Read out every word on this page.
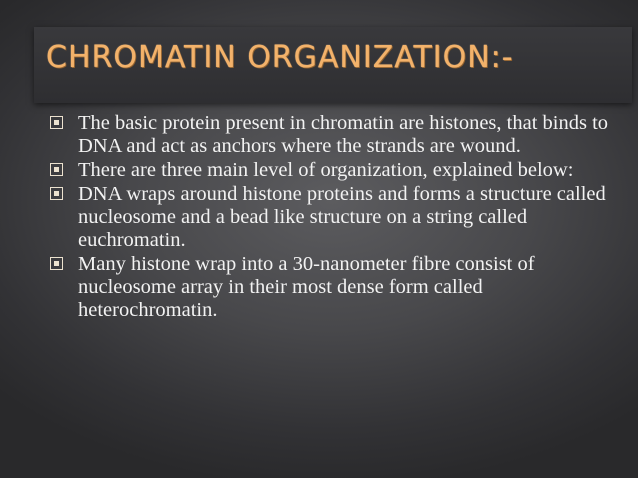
CHROMATIN ORGANIZATION:-
The basic protein present in chromatin are histones, that binds to DNA and act as anchors where the strands are wound.
There are three main level of organization, explained below:
DNA wraps around histone proteins and forms a structure called nucleosome and a bead like structure on a string called euchromatin.
Many histone wrap into a 30-nanometer fibre consist of nucleosome array in their most dense form called heterochromatin.
